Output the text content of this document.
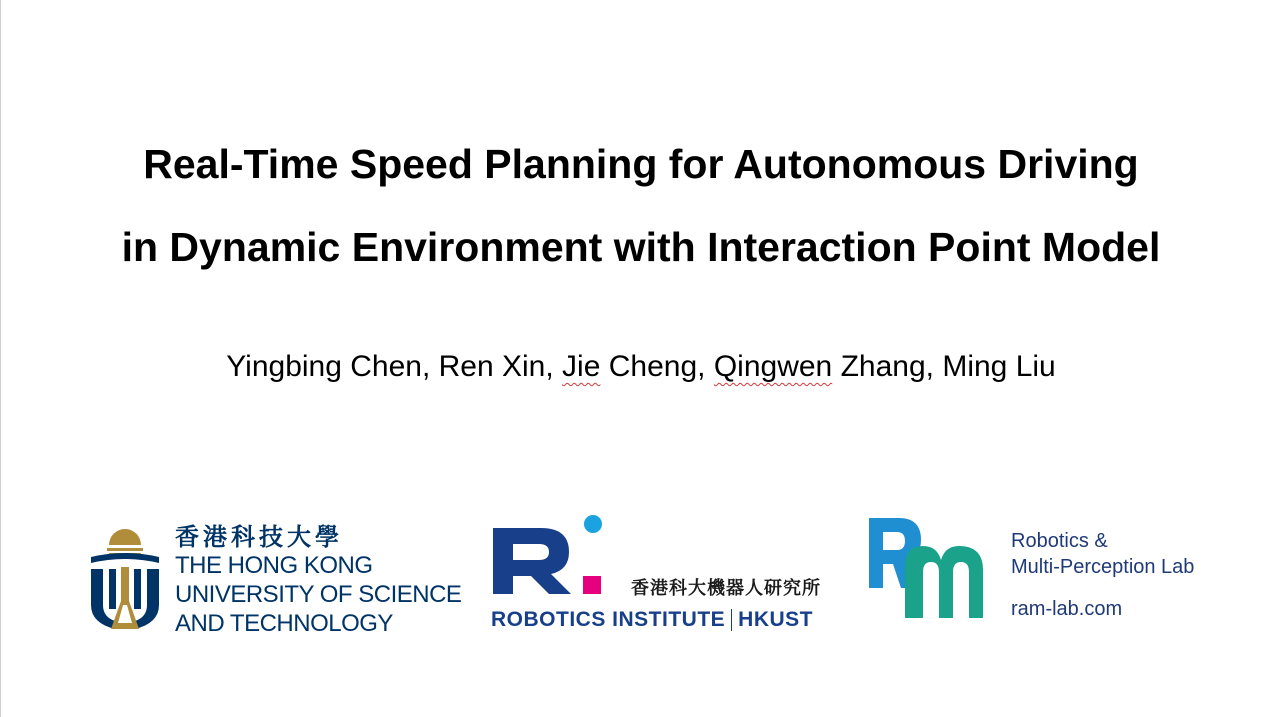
Real-Time Speed Planning for Autonomous Driving
in Dynamic Environment with Interaction Point Model
Yingbing Chen, Ren Xin, Jie Cheng, Qingwen Zhang, Ming Liu
香港科技大學
THE HONG KONG
UNIVERSITY OF SCIENCE
AND TECHNOLOGY
香港科大機器人研究所
ROBOTICS INSTITUTE HKUST
Robotics &
Multi-Perception Lab
ram-lab.com
